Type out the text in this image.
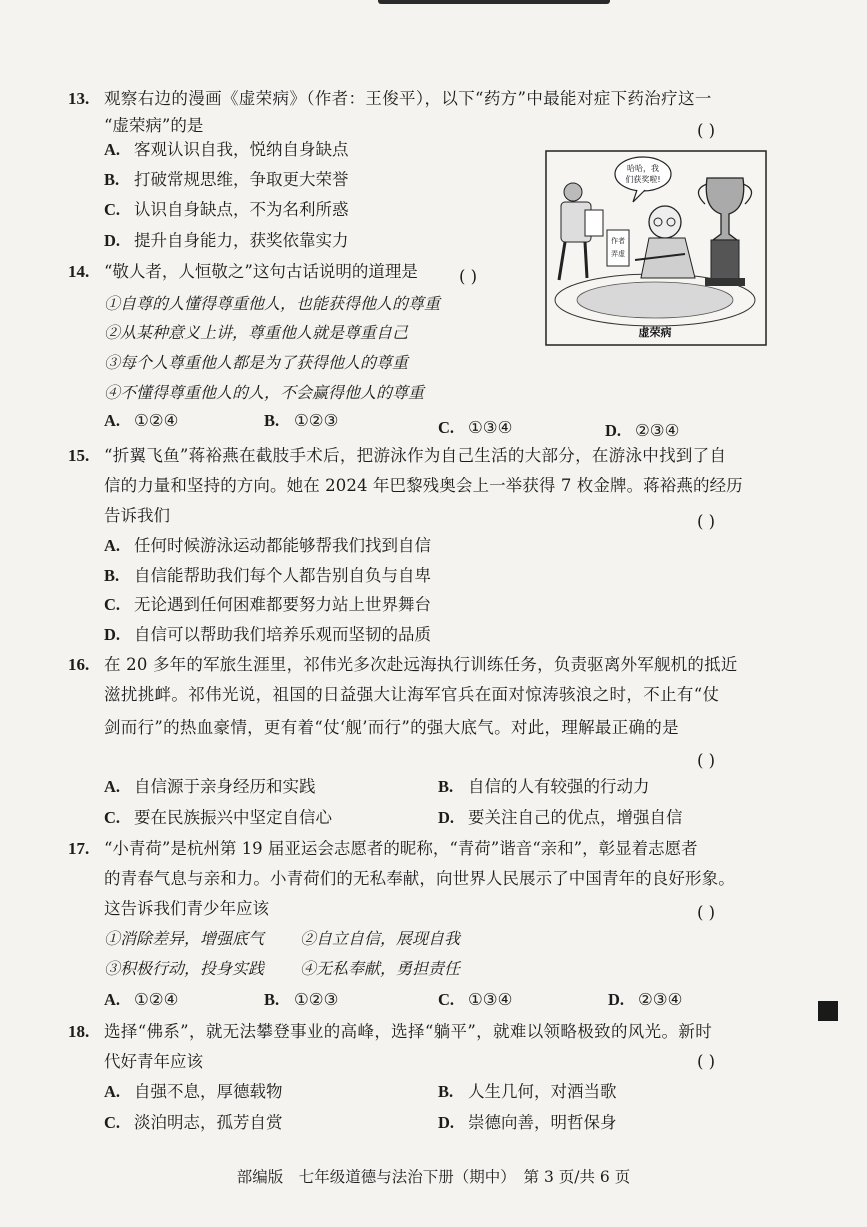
13. 观察右边的漫画《虚荣病》（作者：王俊平），以下“药方”中最能对症下药治疗这一
“虚荣病”的是	( )
A. 客观认识自我，悦纳自身缺点
B. 打破常规思维，争取更大荣誉
C. 认识自身缺点，不为名利所惑
D. 提升自身能力，获奖依靠实力
哈哈，我
们获奖啦!
作者
弄虚
虚荣病
14. “敬人者，人恒敬之”这句古话说明的道理是 ( )
①自尊的人懂得尊重他人，也能获得他人的尊重
②从某种意义上讲，尊重他人就是尊重自己
③每个人尊重他人都是为了获得他人的尊重
④不懂得尊重他人的人，不会赢得他人的尊重
A. ①②④	B. ①②③	C. ①③④	D. ②③④
15. “折翼飞鱼”蒋裕燕在截肢手术后，把游泳作为自己生活的大部分，在游泳中找到了自
信的力量和坚持的方向。她在 2024 年巴黎残奥会上一举获得 7 枚金牌。蒋裕燕的经历
告诉我们	( )
A. 任何时候游泳运动都能够帮我们找到自信
B. 自信能帮助我们每个人都告别自负与自卑
C. 无论遇到任何困难都要努力站上世界舞台
D. 自信可以帮助我们培养乐观而坚韧的品质
16. 在 20 多年的军旅生涯里，祁伟光多次赴远海执行训练任务，负责驱离外军舰机的抵近
滋扰挑衅。祁伟光说，祖国的日益强大让海军官兵在面对惊涛骇浪之时，不止有“仗
剑而行”的热血豪情，更有着“仗‘舰’而行”的强大底气。对此，理解最正确的是
( )
A. 自信源于亲身经历和实践	B. 自信的人有较强的行动力
C. 要在民族振兴中坚定自信心	D. 要关注自己的优点，增强自信
17. “小青荷”是杭州第 19 届亚运会志愿者的昵称，“青荷”谐音“亲和”，彰显着志愿者
的青春气息与亲和力。小青荷们的无私奉献，向世界人民展示了中国青年的良好形象。
这告诉我们青少年应该	( )
①消除差异，增强底气 ②自立自信，展现自我
③积极行动，投身实践 ④无私奉献，勇担责任
A. ①②④	B. ①②③	C. ①③④	D. ②③④
18. 选择“佛系”，就无法攀登事业的高峰，选择“躺平”，就难以领略极致的风光。新时
代好青年应该	( )
A. 自强不息，厚德载物	B. 人生几何，对酒当歌
C. 淡泊明志，孤芳自赏	D. 崇德向善，明哲保身
部编版　七年级道德与法治下册（期中）　第 3 页/共 6 页
